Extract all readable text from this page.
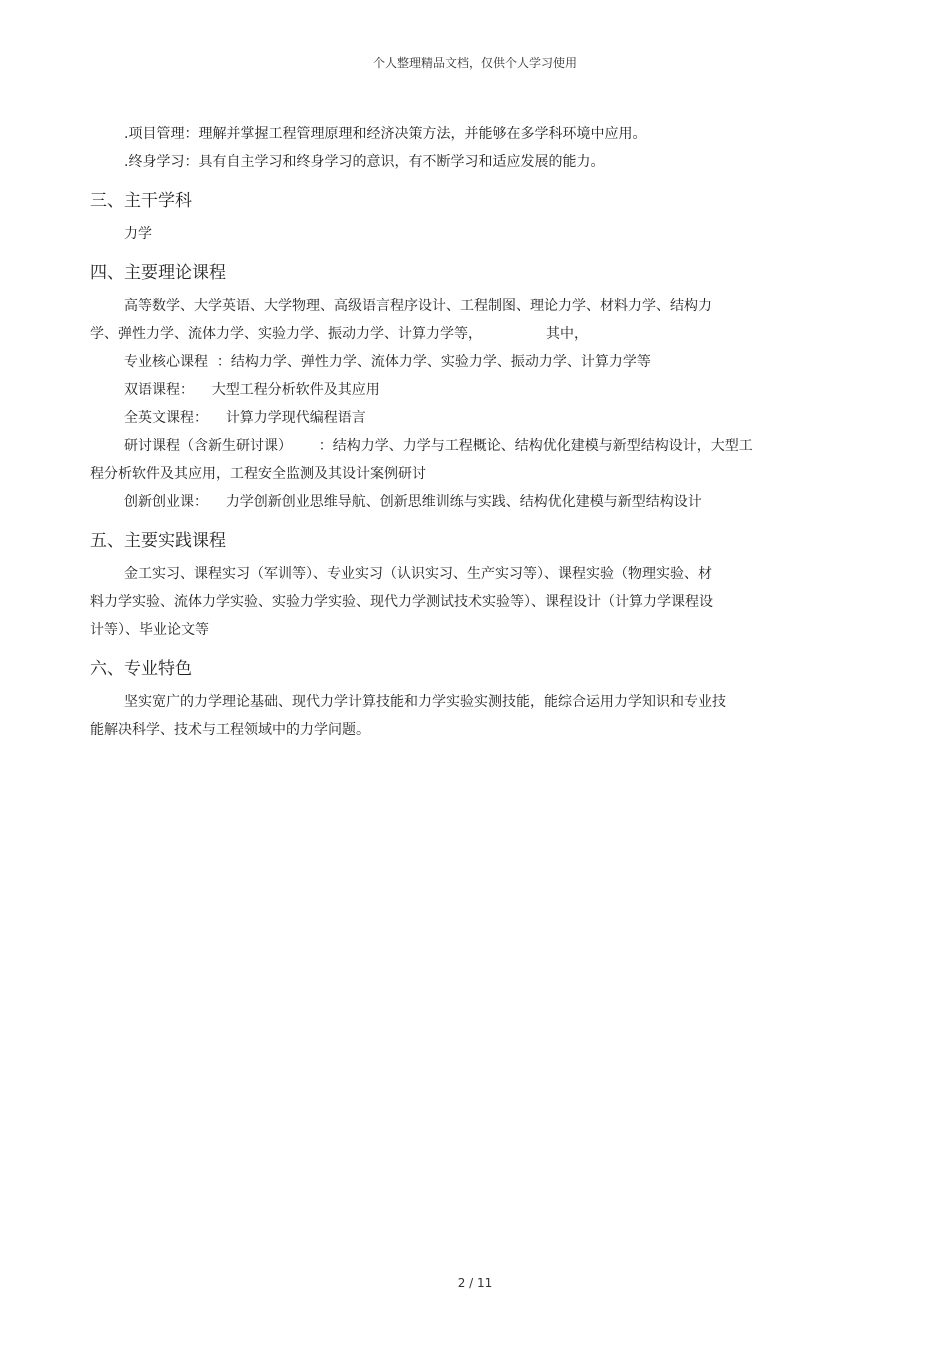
个人整理精品文档，仅供个人学习使用

.项目管理：理解并掌握工程管理原理和经济决策方法，并能够在多学科环境中应用。

.终身学习：具有自主学习和终身学习的意识，有不断学习和适应发展的能力。

三、主干学科

力学

四、主要理论课程

高等数学、大学英语、大学物理、高级语言程序设计、工程制图、理论力学、材料力学、结构力

学、弹性力学、流体力学、实验力学、振动力学、计算力学等，	其中，

专业核心课程 ：结构力学、弹性力学、流体力学、实验力学、振动力学、计算力学等

双语课程： 大型工程分析软件及其应用

全英文课程： 计算力学现代编程语言

研讨课程（含新生研讨课） ：结构力学、力学与工程概论、结构优化建模与新型结构设计，大型工

程分析软件及其应用，工程安全监测及其设计案例研讨

创新创业课： 力学创新创业思维导航、创新思维训练与实践、结构优化建模与新型结构设计

五、主要实践课程

金工实习、课程实习（军训等）、专业实习（认识实习、生产实习等）、课程实验（物理实验、材

料力学实验、流体力学实验、实验力学实验、现代力学测试技术实验等）、课程设计（计算力学课程设

计等）、毕业论文等

六、专业特色

坚实宽广的力学理论基础、现代力学计算技能和力学实验实测技能，能综合运用力学知识和专业技

能解决科学、技术与工程领域中的力学问题。

2 / 11
